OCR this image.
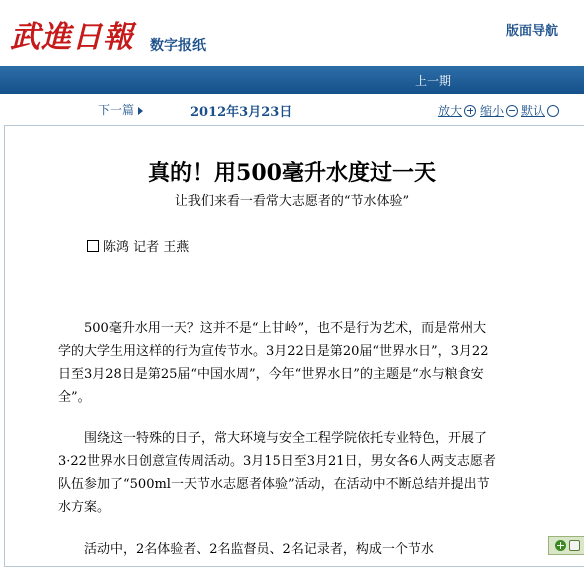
武進日報 数字报纸
版面导航
上一期
下一篇	2012年3月23日	放大 缩小 默认
真的！用500毫升水度过一天
让我们来看一看常大志愿者的“节水体验”
陈鸿 记者 王燕
500毫升水用一天？这并不是“上甘岭”，也不是行为艺术，而是常州大学的大学生用这样的行为宣传节水。3月22日是第20届“世界水日”，3月22日至3月28日是第25届“中国水周”，今年“世界水日”的主题是“水与粮食安全”。
围绕这一特殊的日子，常大环境与安全工程学院依托专业特色，开展了3·22世界水日创意宣传周活动。3月15日至3月21日，男女各6人两支志愿者队伍参加了“500ml一天节水志愿者体验”活动，在活动中不断总结并提出节水方案。
活动中，2名体验者、2名监督员、2名记录者，构成一个节水
